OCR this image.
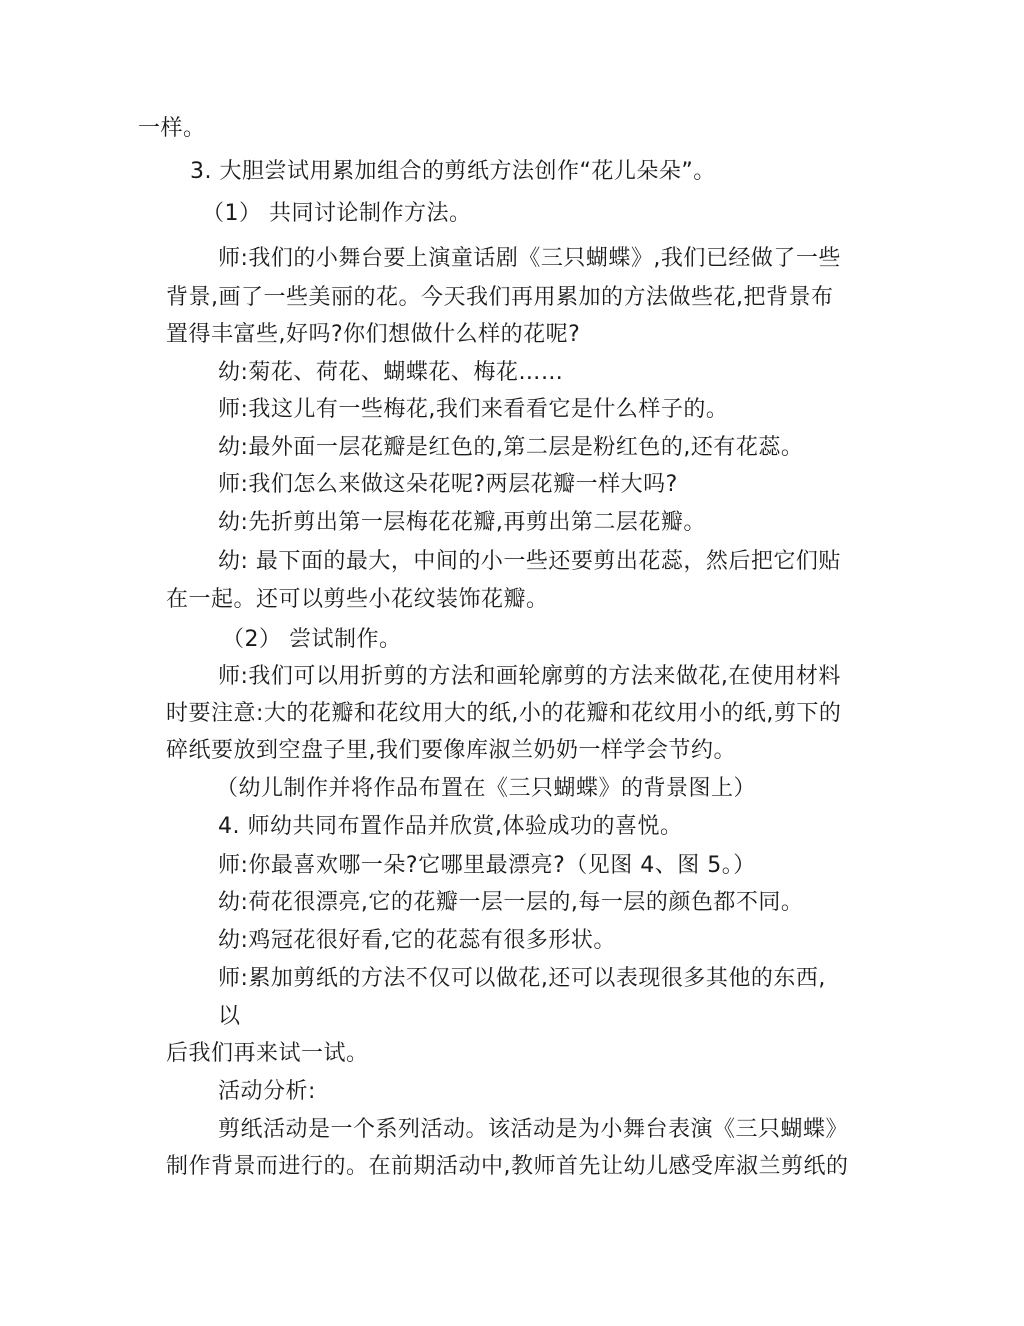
一样。
3. 大胆尝试用累加组合的剪纸方法创作“花儿朵朵”。
（1） 共同讨论制作方法。
师:我们的小舞台要上演童话剧《三只蝴蝶》,我们已经做了一些
背景,画了一些美丽的花。今天我们再用累加的方法做些花,把背景布
置得丰富些,好吗?你们想做什么样的花呢?
幼:菊花、荷花、蝴蝶花、梅花……
师:我这儿有一些梅花,我们来看看它是什么样子的。
幼:最外面一层花瓣是红色的,第二层是粉红色的,还有花蕊。
师:我们怎么来做这朵花呢?两层花瓣一样大吗?
幼:先折剪出第一层梅花花瓣,再剪出第二层花瓣。
幼: 最下面的最大，中间的小一些还要剪出花蕊，然后把它们贴
在一起。还可以剪些小花纹装饰花瓣。
（2） 尝试制作。
师:我们可以用折剪的方法和画轮廓剪的方法来做花,在使用材料
时要注意:大的花瓣和花纹用大的纸,小的花瓣和花纹用小的纸,剪下的
碎纸要放到空盘子里,我们要像库淑兰奶奶一样学会节约。
（幼儿制作并将作品布置在《三只蝴蝶》的背景图上）
4. 师幼共同布置作品并欣赏,体验成功的喜悦。
师:你最喜欢哪一朵?它哪里最漂亮?（见图 4、图 5。）
幼:荷花很漂亮,它的花瓣一层一层的,每一层的颜色都不同。
幼:鸡冠花很好看,它的花蕊有很多形状。
师:累加剪纸的方法不仅可以做花,还可以表现很多其他的东西,
以
后我们再来试一试。
活动分析:
剪纸活动是一个系列活动。该活动是为小舞台表演《三只蝴蝶》
制作背景而进行的。在前期活动中,教师首先让幼儿感受库淑兰剪纸的
